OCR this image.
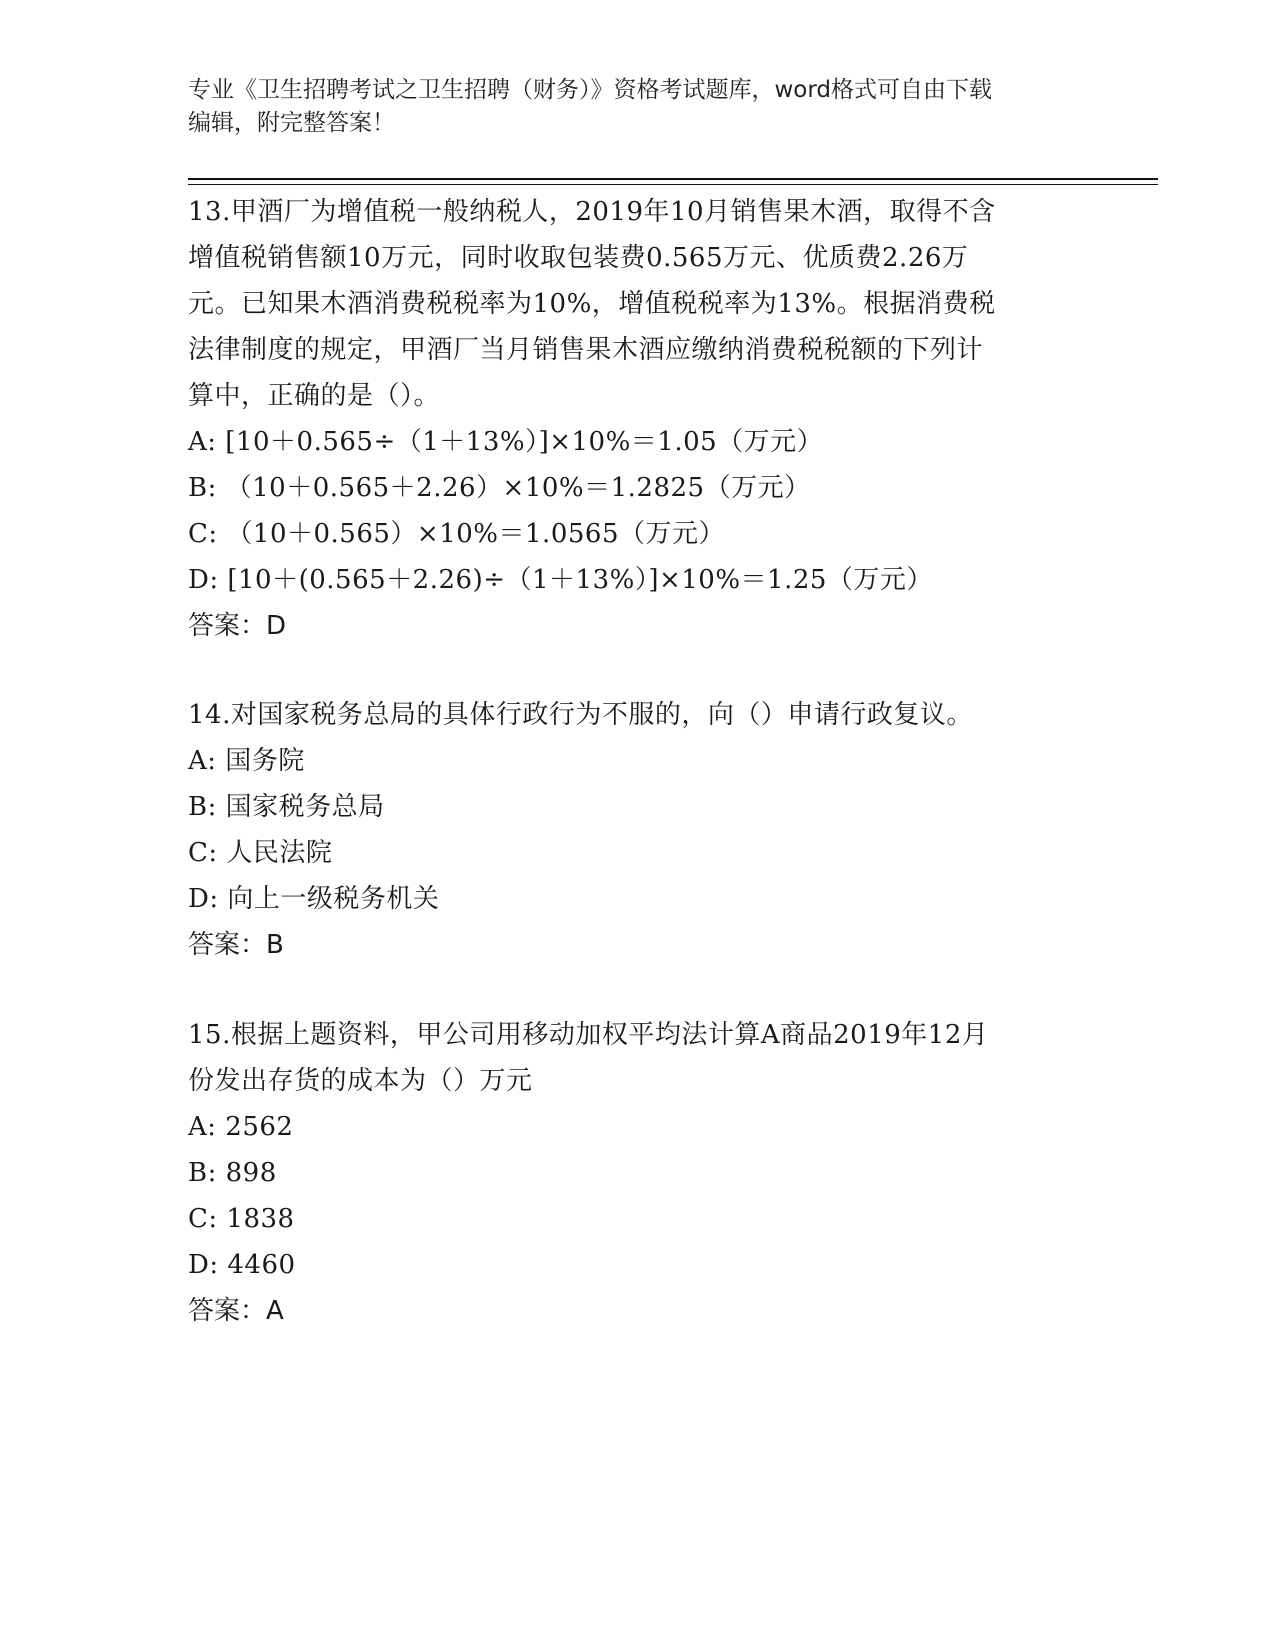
专业《卫生招聘考试之卫生招聘（财务）》资格考试题库，word格式可自由下载
编辑，附完整答案！
13.甲酒厂为增值税一般纳税人，2019年10月销售果木酒，取得不含
增值税销售额10万元，同时收取包装费0.565万元、优质费2.26万
元。已知果木酒消费税税率为10%，增值税税率为13%。根据消费税
法律制度的规定，甲酒厂当月销售果木酒应缴纳消费税税额的下列计
算中，正确的是（）。
A: [10＋0.565÷（1＋13%）]×10%＝1.05（万元）
B: （10＋0.565＋2.26）×10%＝1.2825（万元）
C: （10＋0.565）×10%＝1.0565（万元）
D: [10＋(0.565＋2.26)÷（1＋13%）]×10%＝1.25（万元）
答案：D
14.对国家税务总局的具体行政行为不服的，向（）申请行政复议。
A: 国务院
B: 国家税务总局
C: 人民法院
D: 向上一级税务机关
答案：B
15.根据上题资料，甲公司用移动加权平均法计算A商品2019年12月
份发出存货的成本为（）万元
A: 2562
B: 898
C: 1838
D: 4460
答案：A
